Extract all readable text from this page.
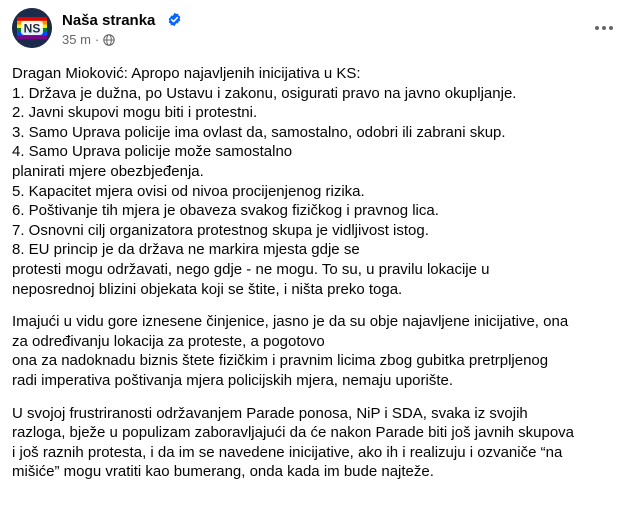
NS Naša stranka
35 m ·
Dragan Mioković: Apropo najavljenih inicijativa u KS:
1. Država je dužna, po Ustavu i zakonu, osigurati pravo na javno okupljanje.
2. Javni skupovi mogu biti i protestni.
3. Samo Uprava policije ima ovlast da, samostalno, odobri ili zabrani skup.
4. Samo Uprava policije može samostalno
planirati mjere obezbjeđenja.
5. Kapacitet mjera ovisi od nivoa procijenjenog rizika.
6. Poštivanje tih mjera je obaveza svakog fizičkog i pravnog lica.
7. Osnovni cilj organizatora protestnog skupa je vidljivost istog.
8. EU princip je da država ne markira mjesta gdje se
protesti mogu održavati, nego gdje - ne mogu. To su, u pravilu lokacije u
neposrednoj blizini objekata koji se štite, i ništa preko toga.
Imajući u vidu gore iznesene činjenice, jasno je da su obje najavljene inicijative, ona
za određivanju lokacija za proteste, a pogotovo
ona za nadoknadu biznis štete fizičkim i pravnim licima zbog gubitka pretrpljenog
radi imperativa poštivanja mjera policijskih mjera, nemaju uporište.
U svojoj frustriranosti održavanjem Parade ponosa, NiP i SDA, svaka iz svojih
razloga, bježe u populizam zaboravljajući da će nakon Parade biti još javnih skupova
i još raznih protesta, i da im se navedene inicijative, ako ih i realizuju i ozvaniče “na
mišiće” mogu vratiti kao bumerang, onda kada im bude najteže.
